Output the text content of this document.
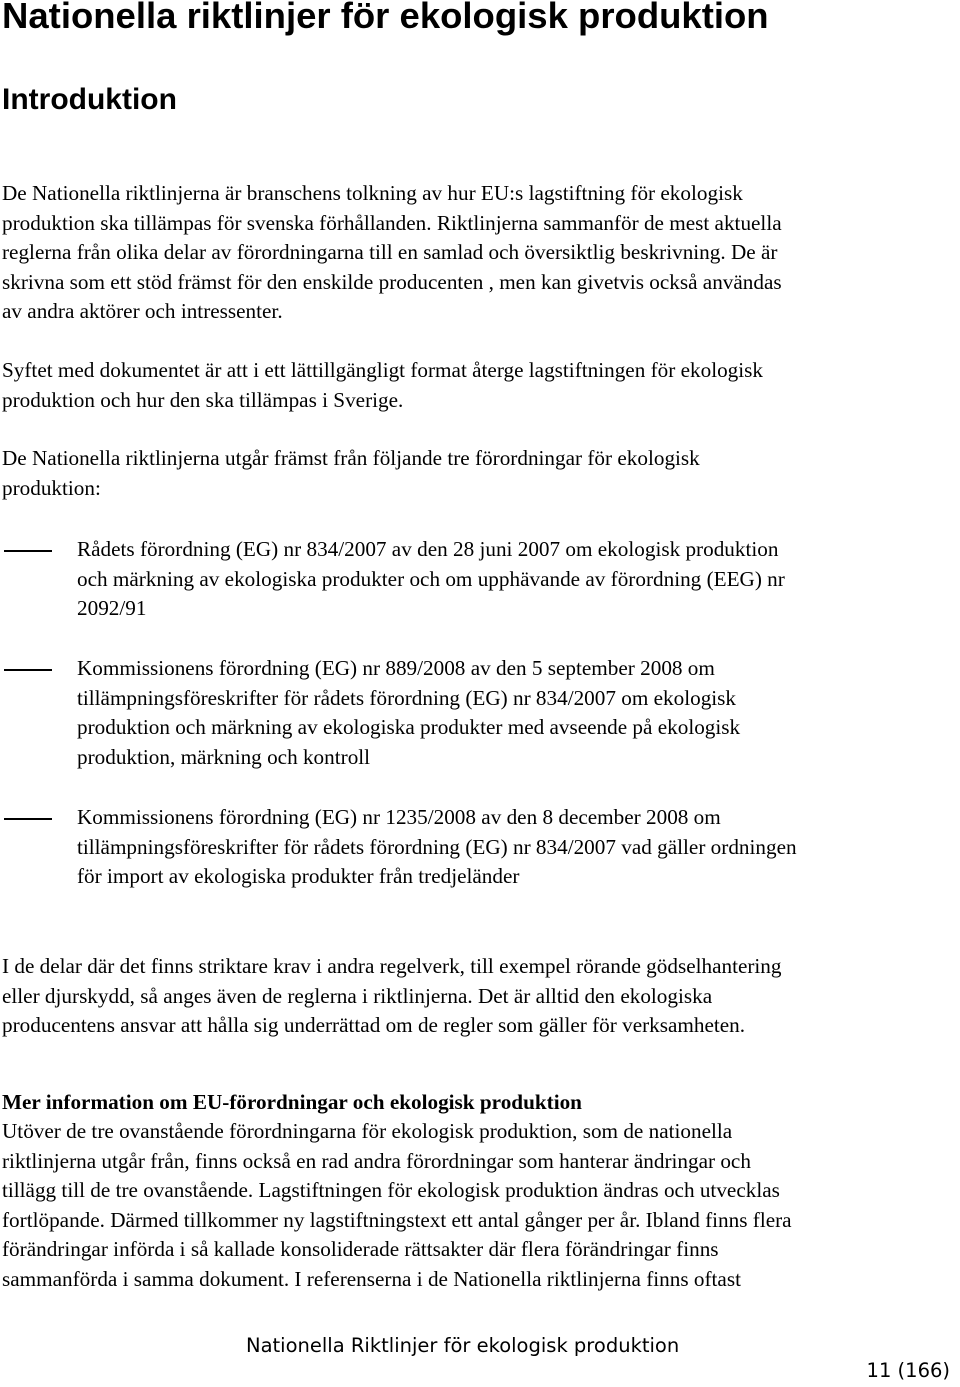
Nationella riktlinjer för ekologisk produktion
Introduktion

De Nationella riktlinjerna är branschens tolkning av hur EU:s lagstiftning för ekologisk
produktion ska tillämpas för svenska förhållanden. Riktlinjerna sammanför de mest aktuella
reglerna från olika delar av förordningarna till en samlad och översiktlig beskrivning. De är
skrivna som ett stöd främst för den enskilde producenten , men kan givetvis också användas
av andra aktörer och intressenter.

Syftet med dokumentet är att i ett lättillgängligt format återge lagstiftningen för ekologisk
produktion och hur den ska tillämpas i Sverige.

De Nationella riktlinjerna utgår främst från följande tre förordningar för ekologisk
produktion:

Rådets förordning (EG) nr 834/2007 av den 28 juni 2007 om ekologisk produktion
och märkning av ekologiska produkter och om upphävande av förordning (EEG) nr
2092/91

Kommissionens förordning (EG) nr 889/2008 av den 5 september 2008 om
tillämpningsföreskrifter för rådets förordning (EG) nr 834/2007 om ekologisk
produktion och märkning av ekologiska produkter med avseende på ekologisk
produktion, märkning och kontroll

Kommissionens förordning (EG) nr 1235/2008 av den 8 december 2008 om
tillämpningsföreskrifter för rådets förordning (EG) nr 834/2007 vad gäller ordningen
för import av ekologiska produkter från tredjeländer

I de delar där det finns striktare krav i andra regelverk, till exempel rörande gödselhantering
eller djurskydd, så anges även de reglerna i riktlinjerna. Det är alltid den ekologiska
producentens ansvar att hålla sig underrättad om de regler som gäller för verksamheten.

Mer information om EU-förordningar och ekologisk produktion

Utöver de tre ovanstående förordningarna för ekologisk produktion, som de nationella
riktlinjerna utgår från, finns också en rad andra förordningar som hanterar ändringar och
tillägg till de tre ovanstående. Lagstiftningen för ekologisk produktion ändras och utvecklas
fortlöpande. Därmed tillkommer ny lagstiftningstext ett antal gånger per år. Ibland finns flera
förändringar införda i så kallade konsoliderade rättsakter där flera förändringar finns
sammanförda i samma dokument. I referenserna i de Nationella riktlinjerna finns oftast

Nationella Riktlinjer för ekologisk produktion

11 (166)
